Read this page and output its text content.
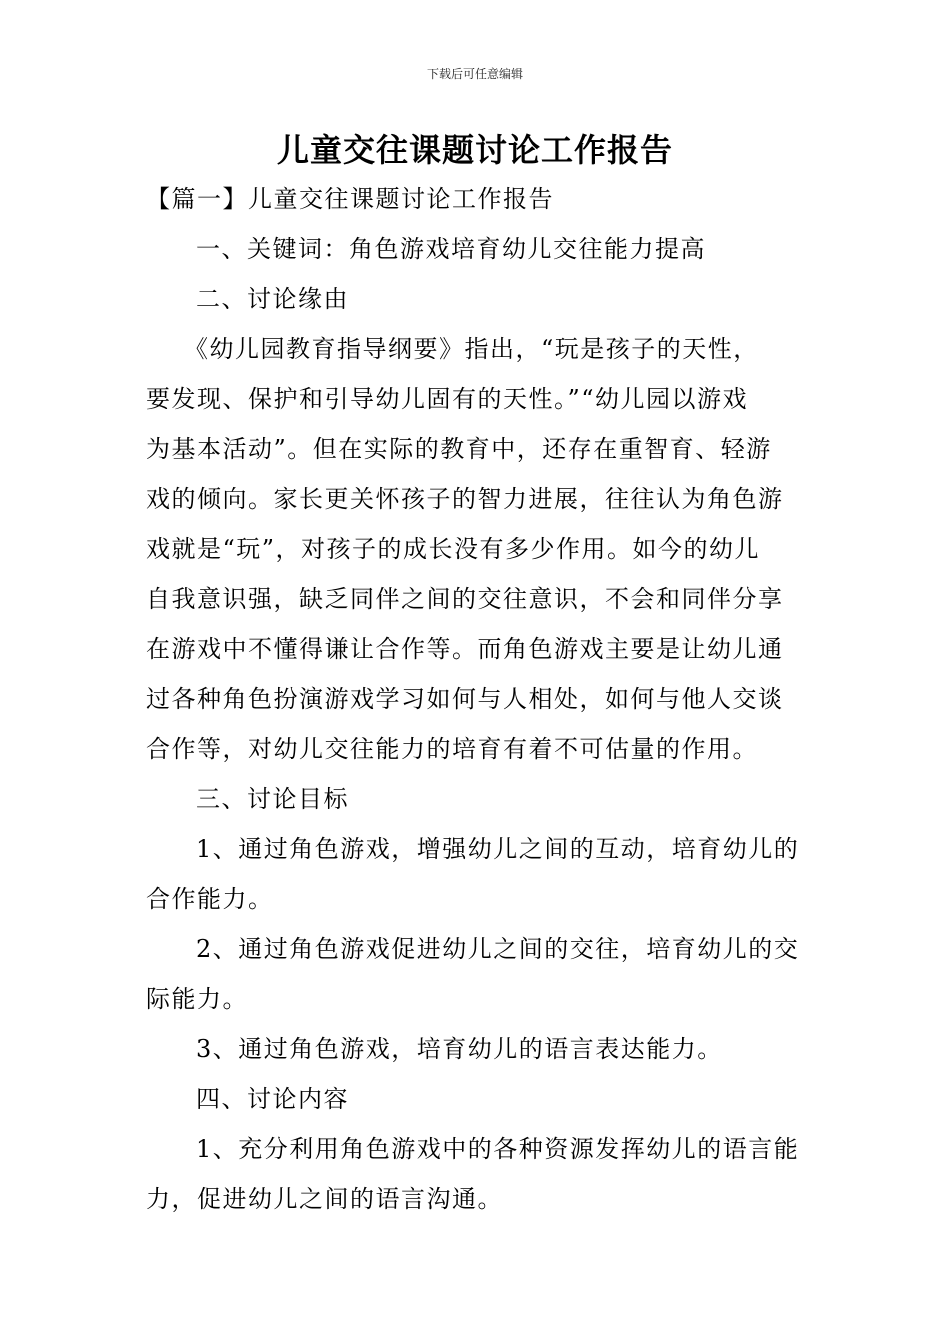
下载后可任意编辑
儿童交往课题讨论工作报告
【篇一】儿童交往课题讨论工作报告
一、关键词：角色游戏培育幼儿交往能力提高
二、讨论缘由
《幼儿园教育指导纲要》指出，“玩是孩子的天性，
要发现、保护和引导幼儿固有的天性。”“幼儿园以游戏
为基本活动”。但在实际的教育中，还存在重智育、轻游
戏的倾向。家长更关怀孩子的智力进展，往往认为角色游
戏就是“玩”，对孩子的成长没有多少作用。如今的幼儿
自我意识强，缺乏同伴之间的交往意识，不会和同伴分享
在游戏中不懂得谦让合作等。而角色游戏主要是让幼儿通
过各种角色扮演游戏学习如何与人相处，如何与他人交谈
合作等，对幼儿交往能力的培育有着不可估量的作用。
三、讨论目标
1、通过角色游戏，增强幼儿之间的互动，培育幼儿的
合作能力。
2、通过角色游戏促进幼儿之间的交往，培育幼儿的交
际能力。
3、通过角色游戏，培育幼儿的语言表达能力。
四、讨论内容
1、充分利用角色游戏中的各种资源发挥幼儿的语言能
力，促进幼儿之间的语言沟通。
